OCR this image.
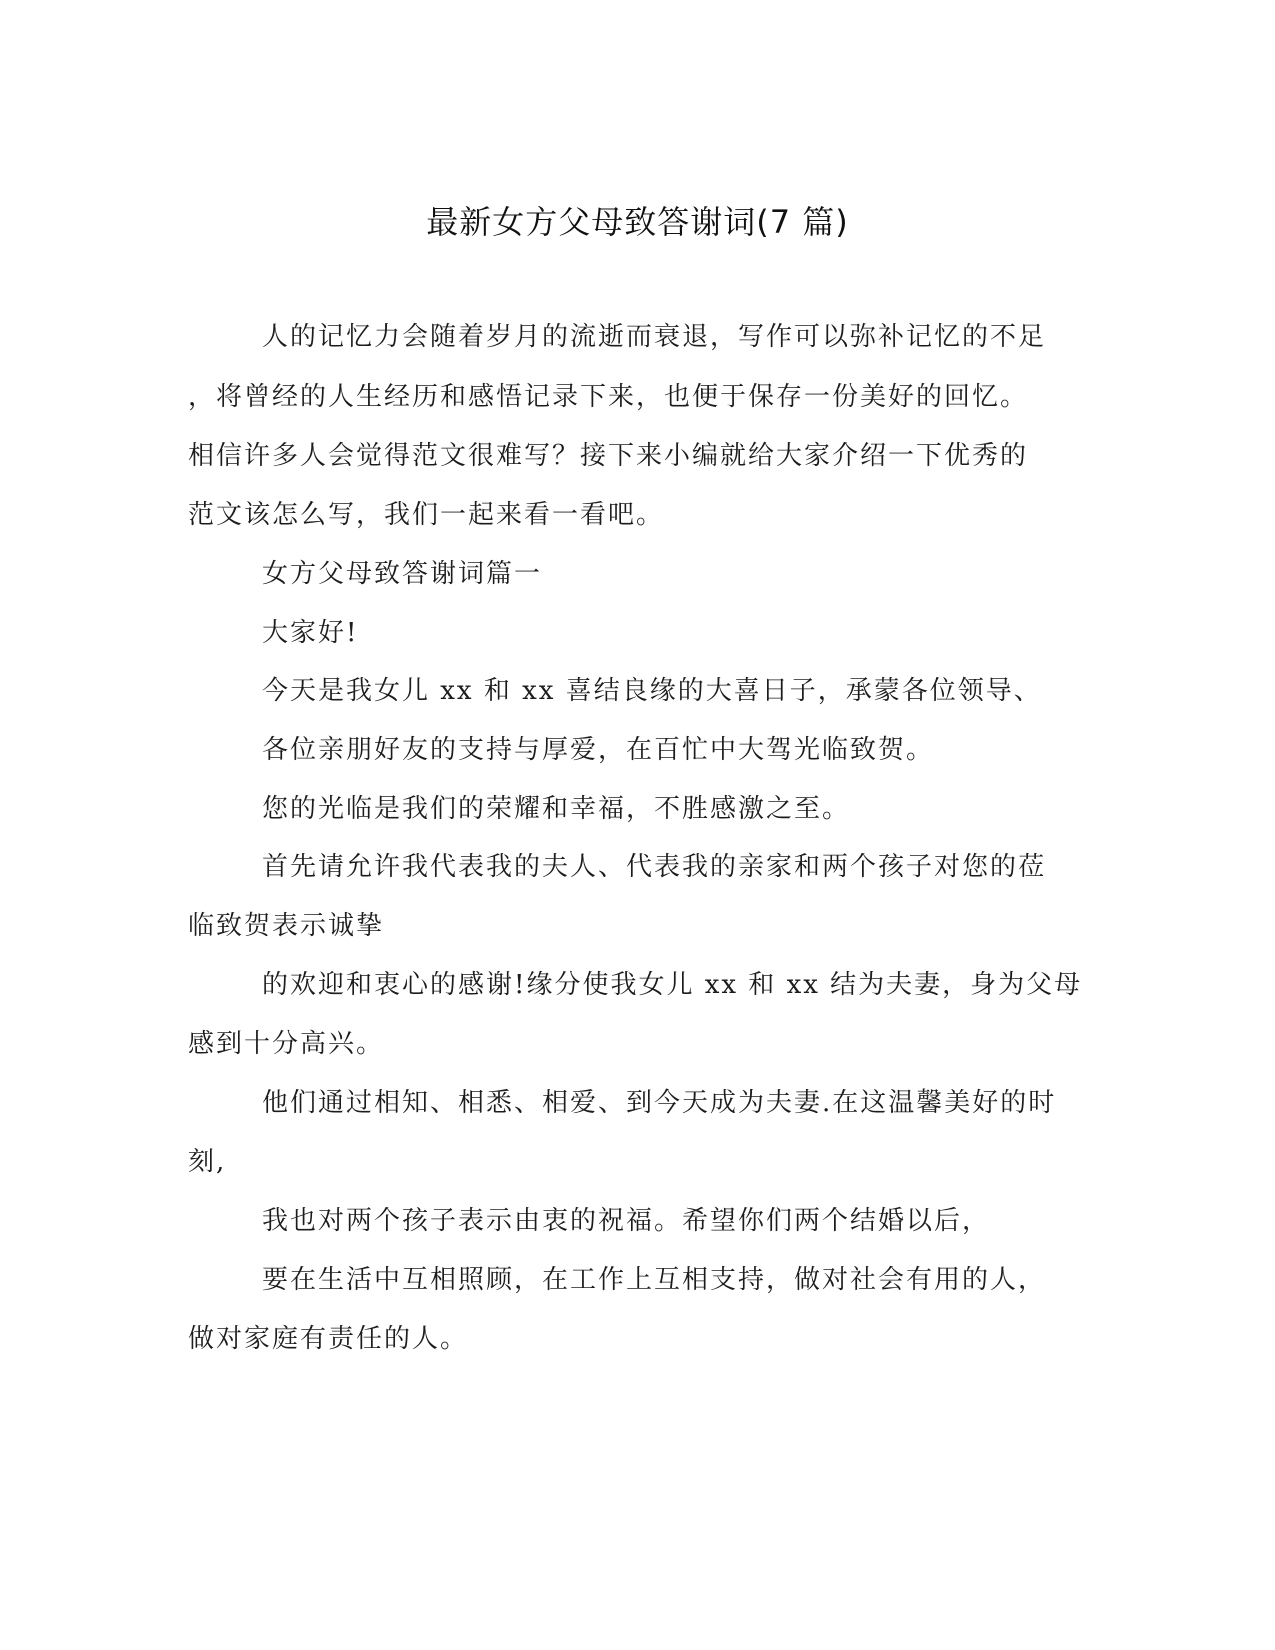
最新女方父母致答谢词(7 篇)
人的记忆力会随着岁月的流逝而衰退，写作可以弥补记忆的不足
，将曾经的人生经历和感悟记录下来，也便于保存一份美好的回忆。
相信许多人会觉得范文很难写？接下来小编就给大家介绍一下优秀的
范文该怎么写，我们一起来看一看吧。
女方父母致答谢词篇一
大家好!
今天是我女儿 xx 和 xx 喜结良缘的大喜日子，承蒙各位领导、
各位亲朋好友的支持与厚爱，在百忙中大驾光临致贺。
您的光临是我们的荣耀和幸福，不胜感激之至。
首先请允许我代表我的夫人、代表我的亲家和两个孩子对您的莅
临致贺表示诚挚
的欢迎和衷心的感谢!缘分使我女儿 xx 和 xx 结为夫妻，身为父母
感到十分高兴。
他们通过相知、相悉、相爱、到今天成为夫妻.在这温馨美好的时
刻,
我也对两个孩子表示由衷的祝福。希望你们两个结婚以后，
要在生活中互相照顾，在工作上互相支持，做对社会有用的人，
做对家庭有责任的人。
